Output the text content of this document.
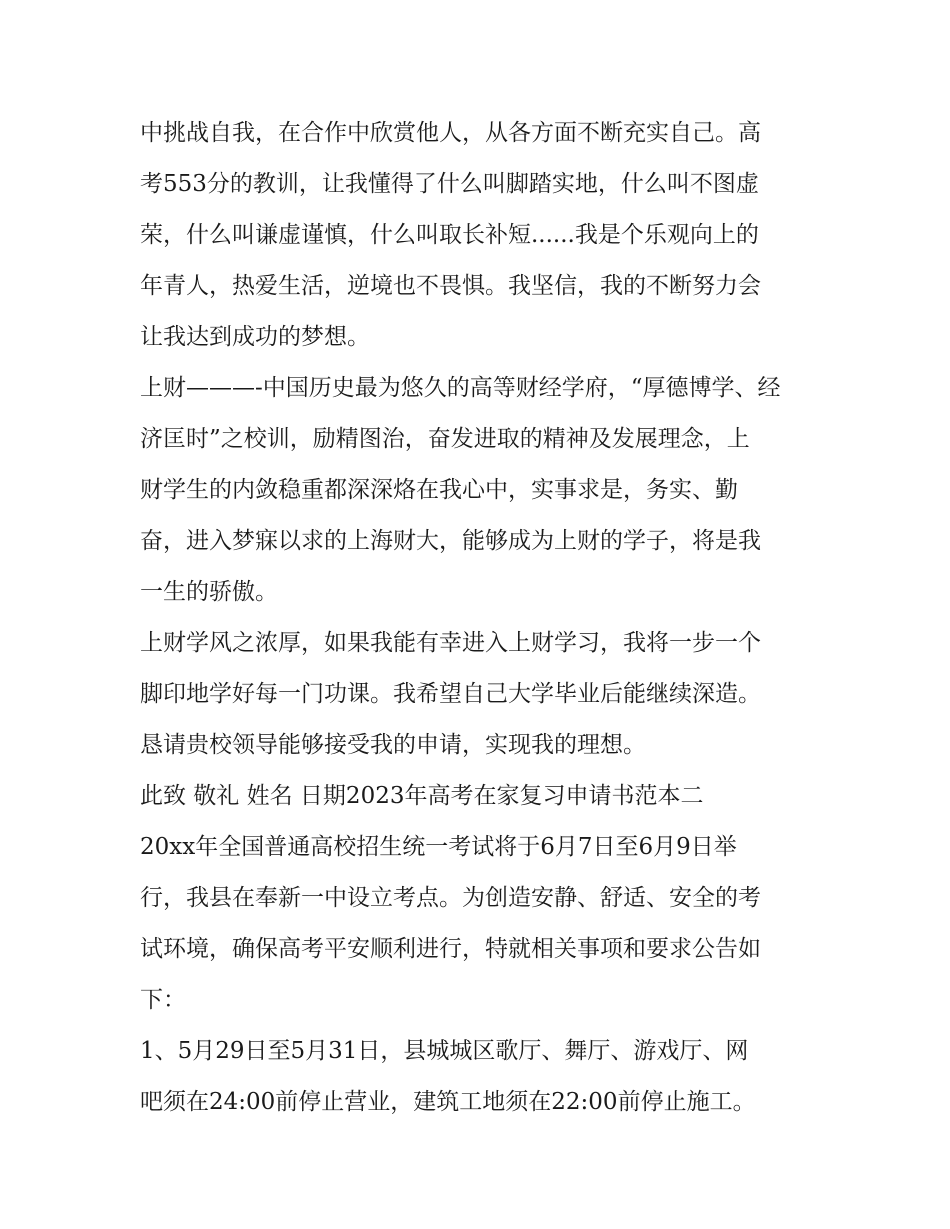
中挑战自我，在合作中欣赏他人，从各方面不断充实自己。高
考553分的教训，让我懂得了什么叫脚踏实地，什么叫不图虚
荣，什么叫谦虚谨慎，什么叫取长补短......我是个乐观向上的
年青人，热爱生活，逆境也不畏惧。我坚信，我的不断努力会
让我达到成功的梦想。
上财———-中国历史最为悠久的高等财经学府，“厚德博学、经
济匡时”之校训，励精图治，奋发进取的精神及发展理念，上
财学生的内敛稳重都深深烙在我心中，实事求是，务实、勤
奋，进入梦寐以求的上海财大，能够成为上财的学子，将是我
一生的骄傲。
上财学风之浓厚，如果我能有幸进入上财学习，我将一步一个
脚印地学好每一门功课。我希望自己大学毕业后能继续深造。
恳请贵校领导能够接受我的申请，实现我的理想。
此致 敬礼 姓名 日期2023年高考在家复习申请书范本二
20xx年全国普通高校招生统一考试将于6月7日至6月9日举
行，我县在奉新一中设立考点。为创造安静、舒适、安全的考
试环境，确保高考平安顺利进行，特就相关事项和要求公告如
下：
1、5月29日至5月31日，县城城区歌厅、舞厅、游戏厅、网
吧须在24:00前停止营业，建筑工地须在22:00前停止施工。
